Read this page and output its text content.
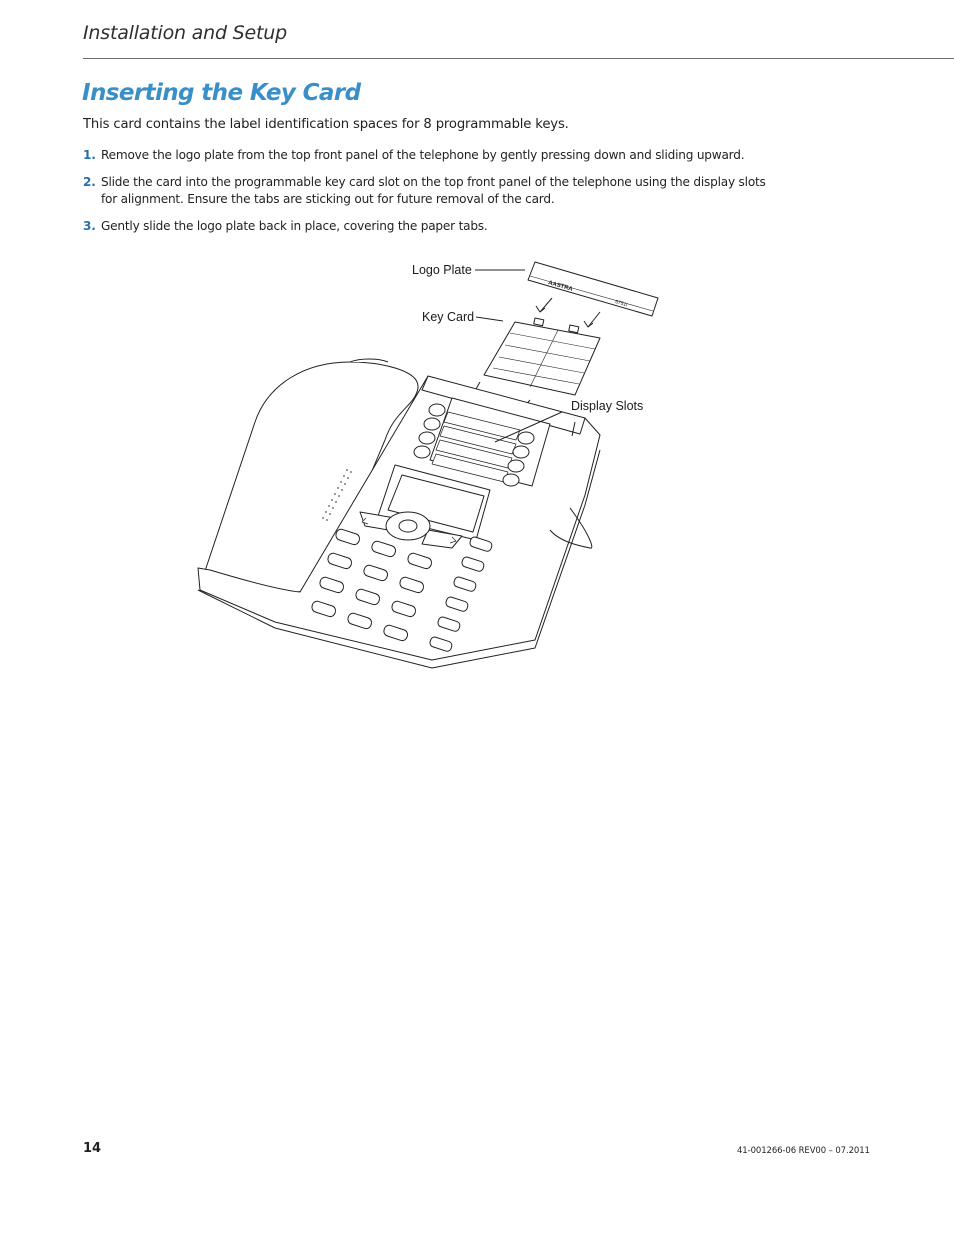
Installation and Setup
Inserting the Key Card

This card contains the label identification spaces for 8 programmable keys.

1. Remove the logo plate from the top front panel of the telephone by gently pressing down and sliding upward.
2. Slide the card into the programmable key card slot on the top front panel of the telephone using the display slots for alignment. Ensure the tabs are sticking out for future removal of the card.
3. Gently slide the logo plate back in place, covering the paper tabs.
AASTRA
6751i
Logo Plate
Key Card
Display Slots

14	41-001266-06 REV00 – 07.2011
